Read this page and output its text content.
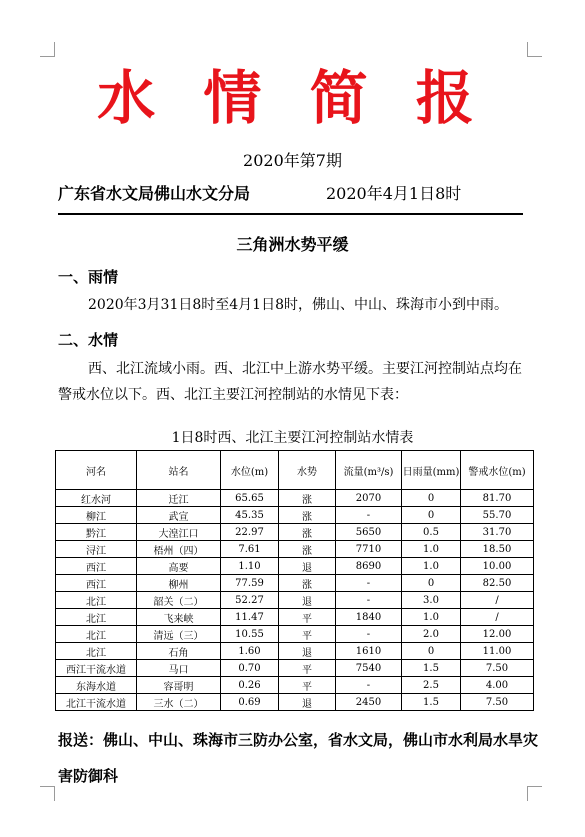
水 情 简 报
2020年第7期
广东省水文局佛山水文分局	2020年4月1日8时
三角洲水势平缓
一、雨情
2020年3月31日8时至4月1日8时，佛山、中山、珠海市小到中雨。
二、水情
西、北江流域小雨。西、北江中上游水势平缓。主要江河控制站点均在警戒水位以下。西、北江主要江河控制站的水情见下表：
1日8时西、北江主要江河控制站水情表
河名	站名	水位(m)	水势	流量(m³/s)	日雨量(mm)	警戒水位(m)
红水河	迁江	65.65	涨	2070	0	81.70
柳江	武宣	45.35	涨	-	0	55.70
黔江	大湟江口	22.97	涨	5650	0.5	31.70
浔江	梧州（四）	7.61	涨	7710	1.0	18.50
西江	高要	1.10	退	8690	1.0	10.00
西江	柳州	77.59	涨	-	0	82.50
北江	韶关（二）	52.27	退	-	3.0	/
北江	飞来峡	11.47	平	1840	1.0	/
北江	清远（三）	10.55	平	-	2.0	12.00
北江	石角	1.60	退	1610	0	11.00
西江干流水道	马口	0.70	平	7540	1.5	7.50
东海水道	容哥明	0.26	平	-	2.5	4.00
北江干流水道	三水（二）	0.69	退	2450	1.5	7.50
报送：佛山、中山、珠海市三防办公室，省水文局，佛山市水利局水旱灾害防御科
